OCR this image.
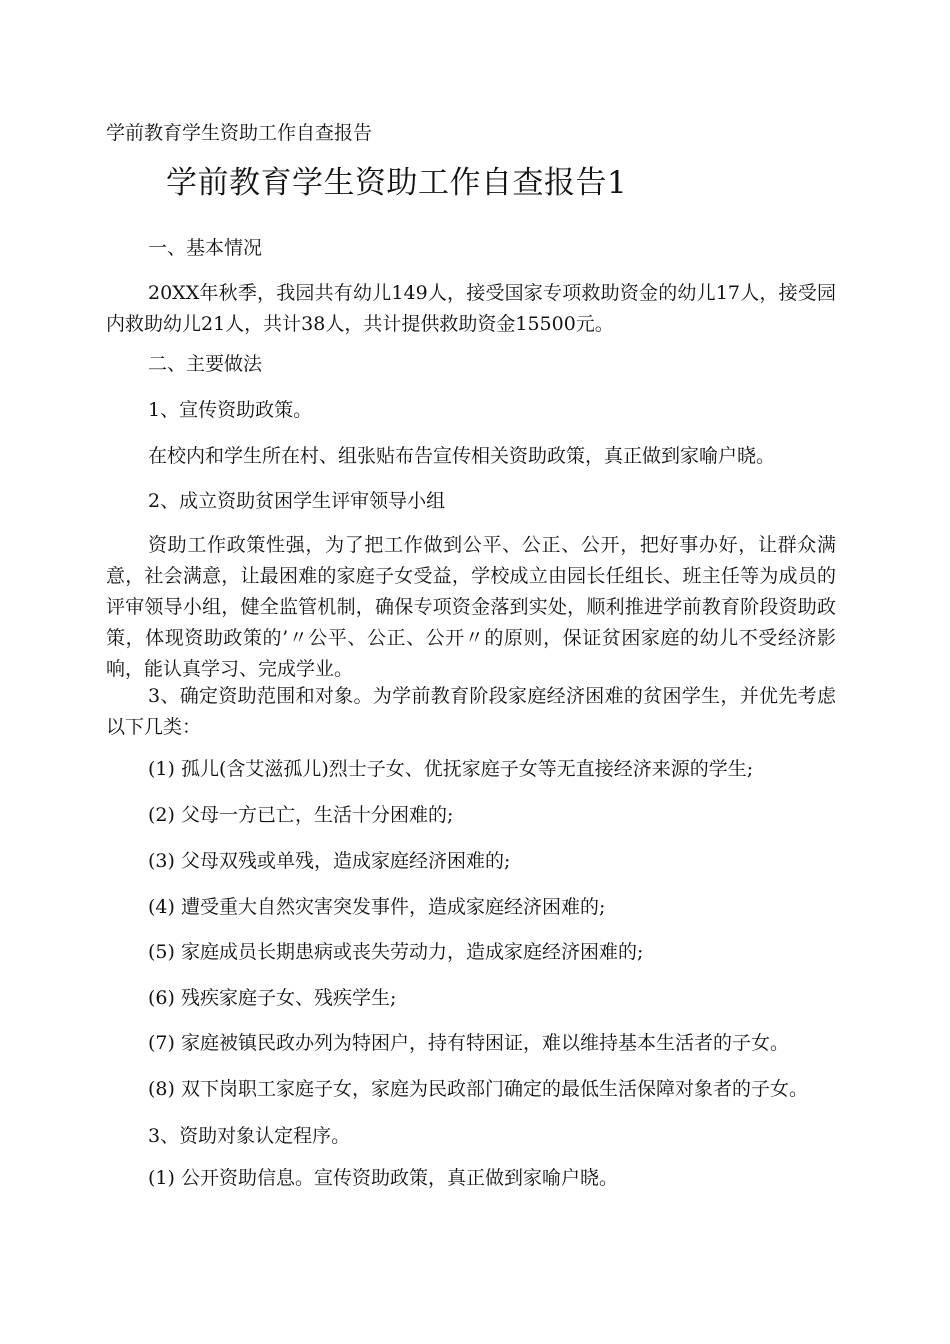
学前教育学生资助工作自查报告
学前教育学生资助工作自查报告1
一、基本情况
20XX年秋季，我园共有幼儿149人，接受国家专项救助资金的幼儿17人，接受园内救助幼儿21人，共计38人，共计提供救助资金15500元。
二、主要做法
1、宣传资助政策。
在校内和学生所在村、组张贴布告宣传相关资助政策，真正做到家喻户晓。
2、成立资助贫困学生评审领导小组
资助工作政策性强，为了把工作做到公平、公正、公开，把好事办好，让群众满意，社会满意，让最困难的家庭子女受益，学校成立由园长任组长、班主任等为成员的评审领导小组，健全监管机制，确保专项资金落到实处，顺利推进学前教育阶段资助政策，体现资助政策的’〃公平、公正、公开〃的原则，保证贫困家庭的幼儿不受经济影响，能认真学习、完成学业。
3、确定资助范围和对象。为学前教育阶段家庭经济困难的贫困学生，并优先考虑以下几类：
(1) 孤儿(含艾滋孤儿)烈士子女、优抚家庭子女等无直接经济来源的学生;
(2) 父母一方已亡，生活十分困难的;
(3) 父母双残或单残，造成家庭经济困难的;
(4) 遭受重大自然灾害突发事件，造成家庭经济困难的;
(5) 家庭成员长期患病或丧失劳动力，造成家庭经济困难的;
(6) 残疾家庭子女、残疾学生;
(7) 家庭被镇民政办列为特困户，持有特困证，难以维持基本生活者的子女。
(8) 双下岗职工家庭子女，家庭为民政部门确定的最低生活保障对象者的子女。
3、资助对象认定程序。
(1) 公开资助信息。宣传资助政策，真正做到家喻户晓。
